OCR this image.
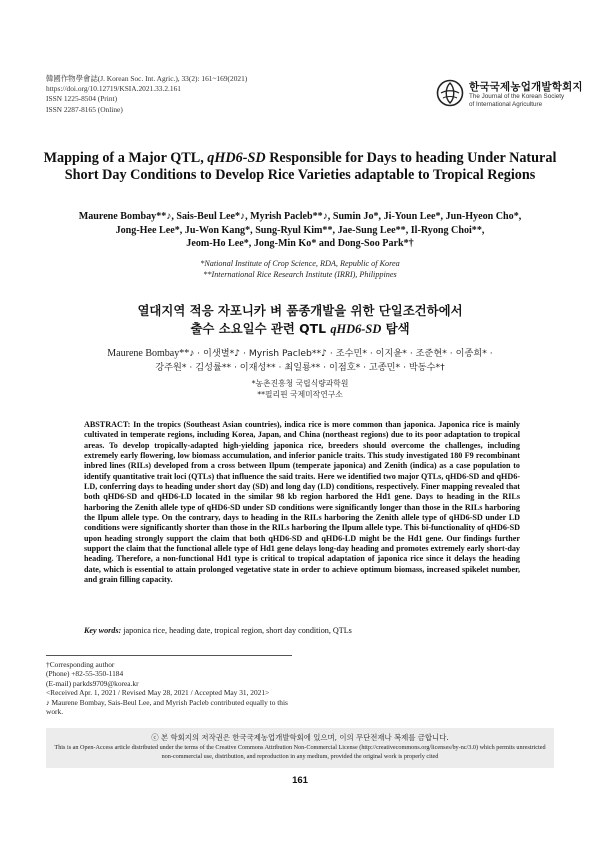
韓國作物學會誌(J. Korean Soc. Int. Agric.), 33(2): 161~169(2021)
https://doi.org/10.12719/KSIA.2021.33.2.161
ISSN 1225-8504 (Print)
ISSN 2287-8165 (Online)
한국국제농업개발학회지
The Journal of the Korean Society
of International Agriculture
Mapping of a Major QTL, qHD6-SD Responsible for Days to heading Under Natural Short Day Conditions to Develop Rice Varieties adaptable to Tropical Regions
Maurene Bombay**♪, Sais-Beul Lee*♪, Myrish Pacleb**♪, Sumin Jo*, Ji-Youn Lee*, Jun-Hyeon Cho*,
Jong-Hee Lee*, Ju-Won Kang*, Sung-Ryul Kim**, Jae-Sung Lee**, Il-Ryong Choi**,
Jeom-Ho Lee*, Jong-Min Ko* and Dong-Soo Park*†
*National Institute of Crop Science, RDA, Republic of Korea
**International Rice Research Institute (IRRI), Philippines
열대지역 적응 자포니카 벼 품종개발을 위한 단일조건하에서
출수 소요일수 관련 QTL qHD6-SD 탐색
Maurene Bombay**♪ · 이샛별*♪ · Myrish Pacleb**♪ · 조수민* · 이지윤* · 조준현* · 이종희* ·
강주원* · 김성률** · 이재성** · 최일룡** · 이점호* · 고종민* · 박동수*†
*농촌진흥청 국립식량과학원
**필리핀 국제미작연구소
ABSTRACT: In the tropics (Southeast Asian countries), indica rice is more common than japonica. Japonica rice is mainly cultivated in temperate regions, including Korea, Japan, and China (northeast regions) due to its poor adaptation to tropical areas. To develop tropically-adapted high-yielding japonica rice, breeders should overcome the challenges, including extremely early flowering, low biomass accumulation, and inferior panicle traits. This study investigated 180 F9 recombinant inbred lines (RILs) developed from a cross between Ilpum (temperate japonica) and Zenith (indica) as a case population to identify quantitative trait loci (QTLs) that influence the said traits. Here we identified two major QTLs, qHD6-SD and qHD6-LD, conferring days to heading under short day (SD) and long day (LD) conditions, respectively. Finer mapping revealed that both qHD6-SD and qHD6-LD located in the similar 98 kb region harbored the Hd1 gene. Days to heading in the RILs harboring the Zenith allele type of qHD6-SD under SD conditions were significantly longer than those in the RILs harboring the Ilpum allele type. On the contrary, days to heading in the RILs harboring the Zenith allele type of qHD6-SD under LD conditions were significantly shorter than those in the RILs harboring the Ilpum allele type. This bi-functionality of qHD6-SD upon heading strongly support the claim that both qHD6-SD and qHD6-LD might be the Hd1 gene. Our findings further support the claim that the functional allele type of Hd1 gene delays long-day heading and promotes extremely early short-day heading. Therefore, a non-functional Hd1 type is critical to tropical adaptation of japonica rice since it delays the heading date, which is essential to attain prolonged vegetative state in order to achieve optimum biomass, increased spikelet number, and grain filling capacity.
Key words: japonica rice, heading date, tropical region, short day condition, QTLs
†Corresponding author
(Phone) +82-55-350-1184
(E-mail) parkds9709@korea.kr
<Received Apr. 1, 2021 / Revised May 28, 2021 / Accepted May 31, 2021>
♪ Maurene Bombay, Sais-Beul Lee, and Myrish Pacleb contributed equally to this work.
ⓒ 본 학회지의 저작권은 한국국제농업개발학회에 있으며, 이의 무단전재나 복제를 금합니다.
This is an Open-Access article distributed under the terms of the Creative Commons Attribution Non-Commercial License (http://creativecommons.org/licenses/by-nc/3.0) which permits unrestricted non-commercial use, distribution, and reproduction in any medium, provided the original work is properly cited
161
